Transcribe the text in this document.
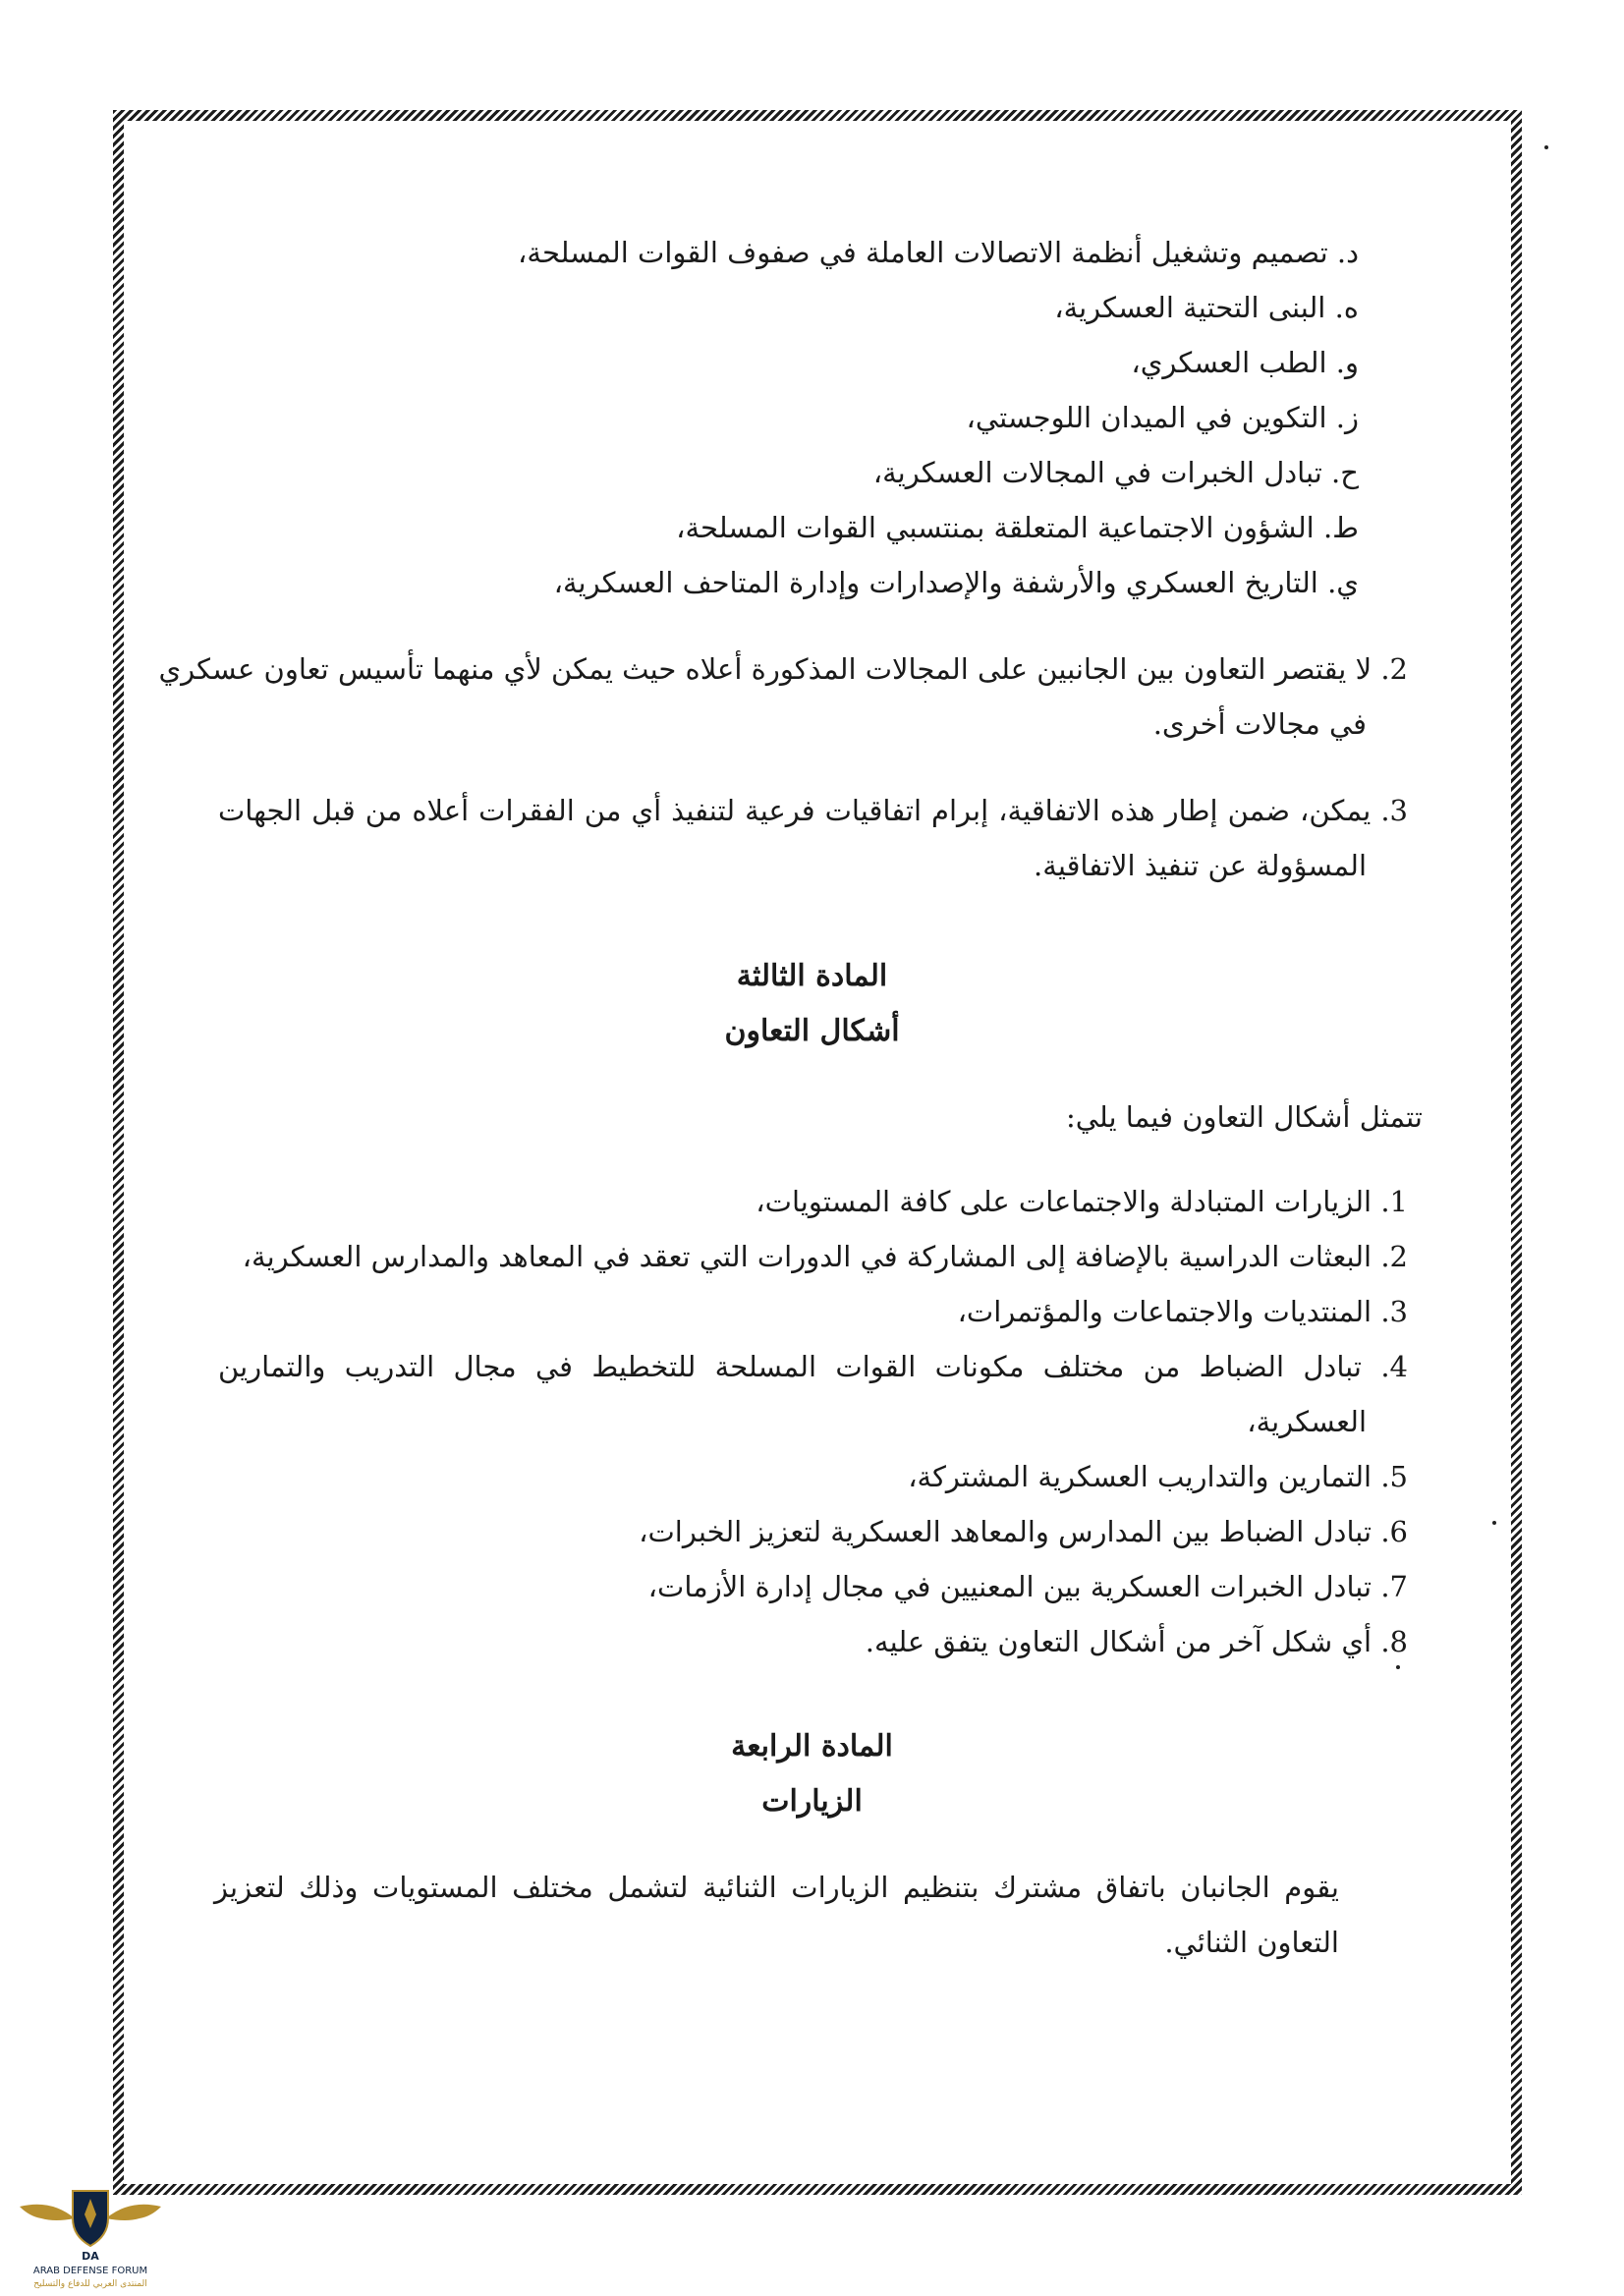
د. تصميم وتشغيل أنظمة الاتصالات العاملة في صفوف القوات المسلحة،
ه. البنى التحتية العسكرية،
و. الطب العسكري،
ز. التكوين في الميدان اللوجستي،
ح. تبادل الخبرات في المجالات العسكرية،
ط. الشؤون الاجتماعية المتعلقة بمنتسبي القوات المسلحة،
ي. التاريخ العسكري والأرشفة والإصدارات وإدارة المتاحف العسكرية،
2. لا يقتصر التعاون بين الجانبين على المجالات المذكورة أعلاه حيث يمكن لأي منهما تأسيس تعاون عسكري
في مجالات أخرى.
3. يمكن، ضمن إطار هذه الاتفاقية، إبرام اتفاقيات فرعية لتنفيذ أي من الفقرات أعلاه من قبل الجهات
المسؤولة عن تنفيذ الاتفاقية.
المادة الثالثة
أشكال التعاون
تتمثل أشكال التعاون فيما يلي:
1. الزيارات المتبادلة والاجتماعات على كافة المستويات،
2. البعثات الدراسية بالإضافة إلى المشاركة في الدورات التي تعقد في المعاهد والمدارس العسكرية،
3. المنتديات والاجتماعات والمؤتمرات،
4. تبادل الضباط من مختلف مكونات القوات المسلحة للتخطيط في مجال التدريب والتمارين
العسكرية،
5. التمارين والتداريب العسكرية المشتركة،
6. تبادل الضباط بين المدارس والمعاهد العسكرية لتعزيز الخبرات،
7. تبادل الخبرات العسكرية بين المعنيين في مجال إدارة الأزمات،
8. أي شكل آخر من أشكال التعاون يتفق عليه.
المادة الرابعة
الزيارات
يقوم الجانبان باتفاق مشترك بتنظيم الزيارات الثنائية لتشمل مختلف المستويات وذلك لتعزيز
التعاون الثنائي.
DA
ARAB DEFENSE FORUM
المنتدى العربي للدفاع والتسليح
